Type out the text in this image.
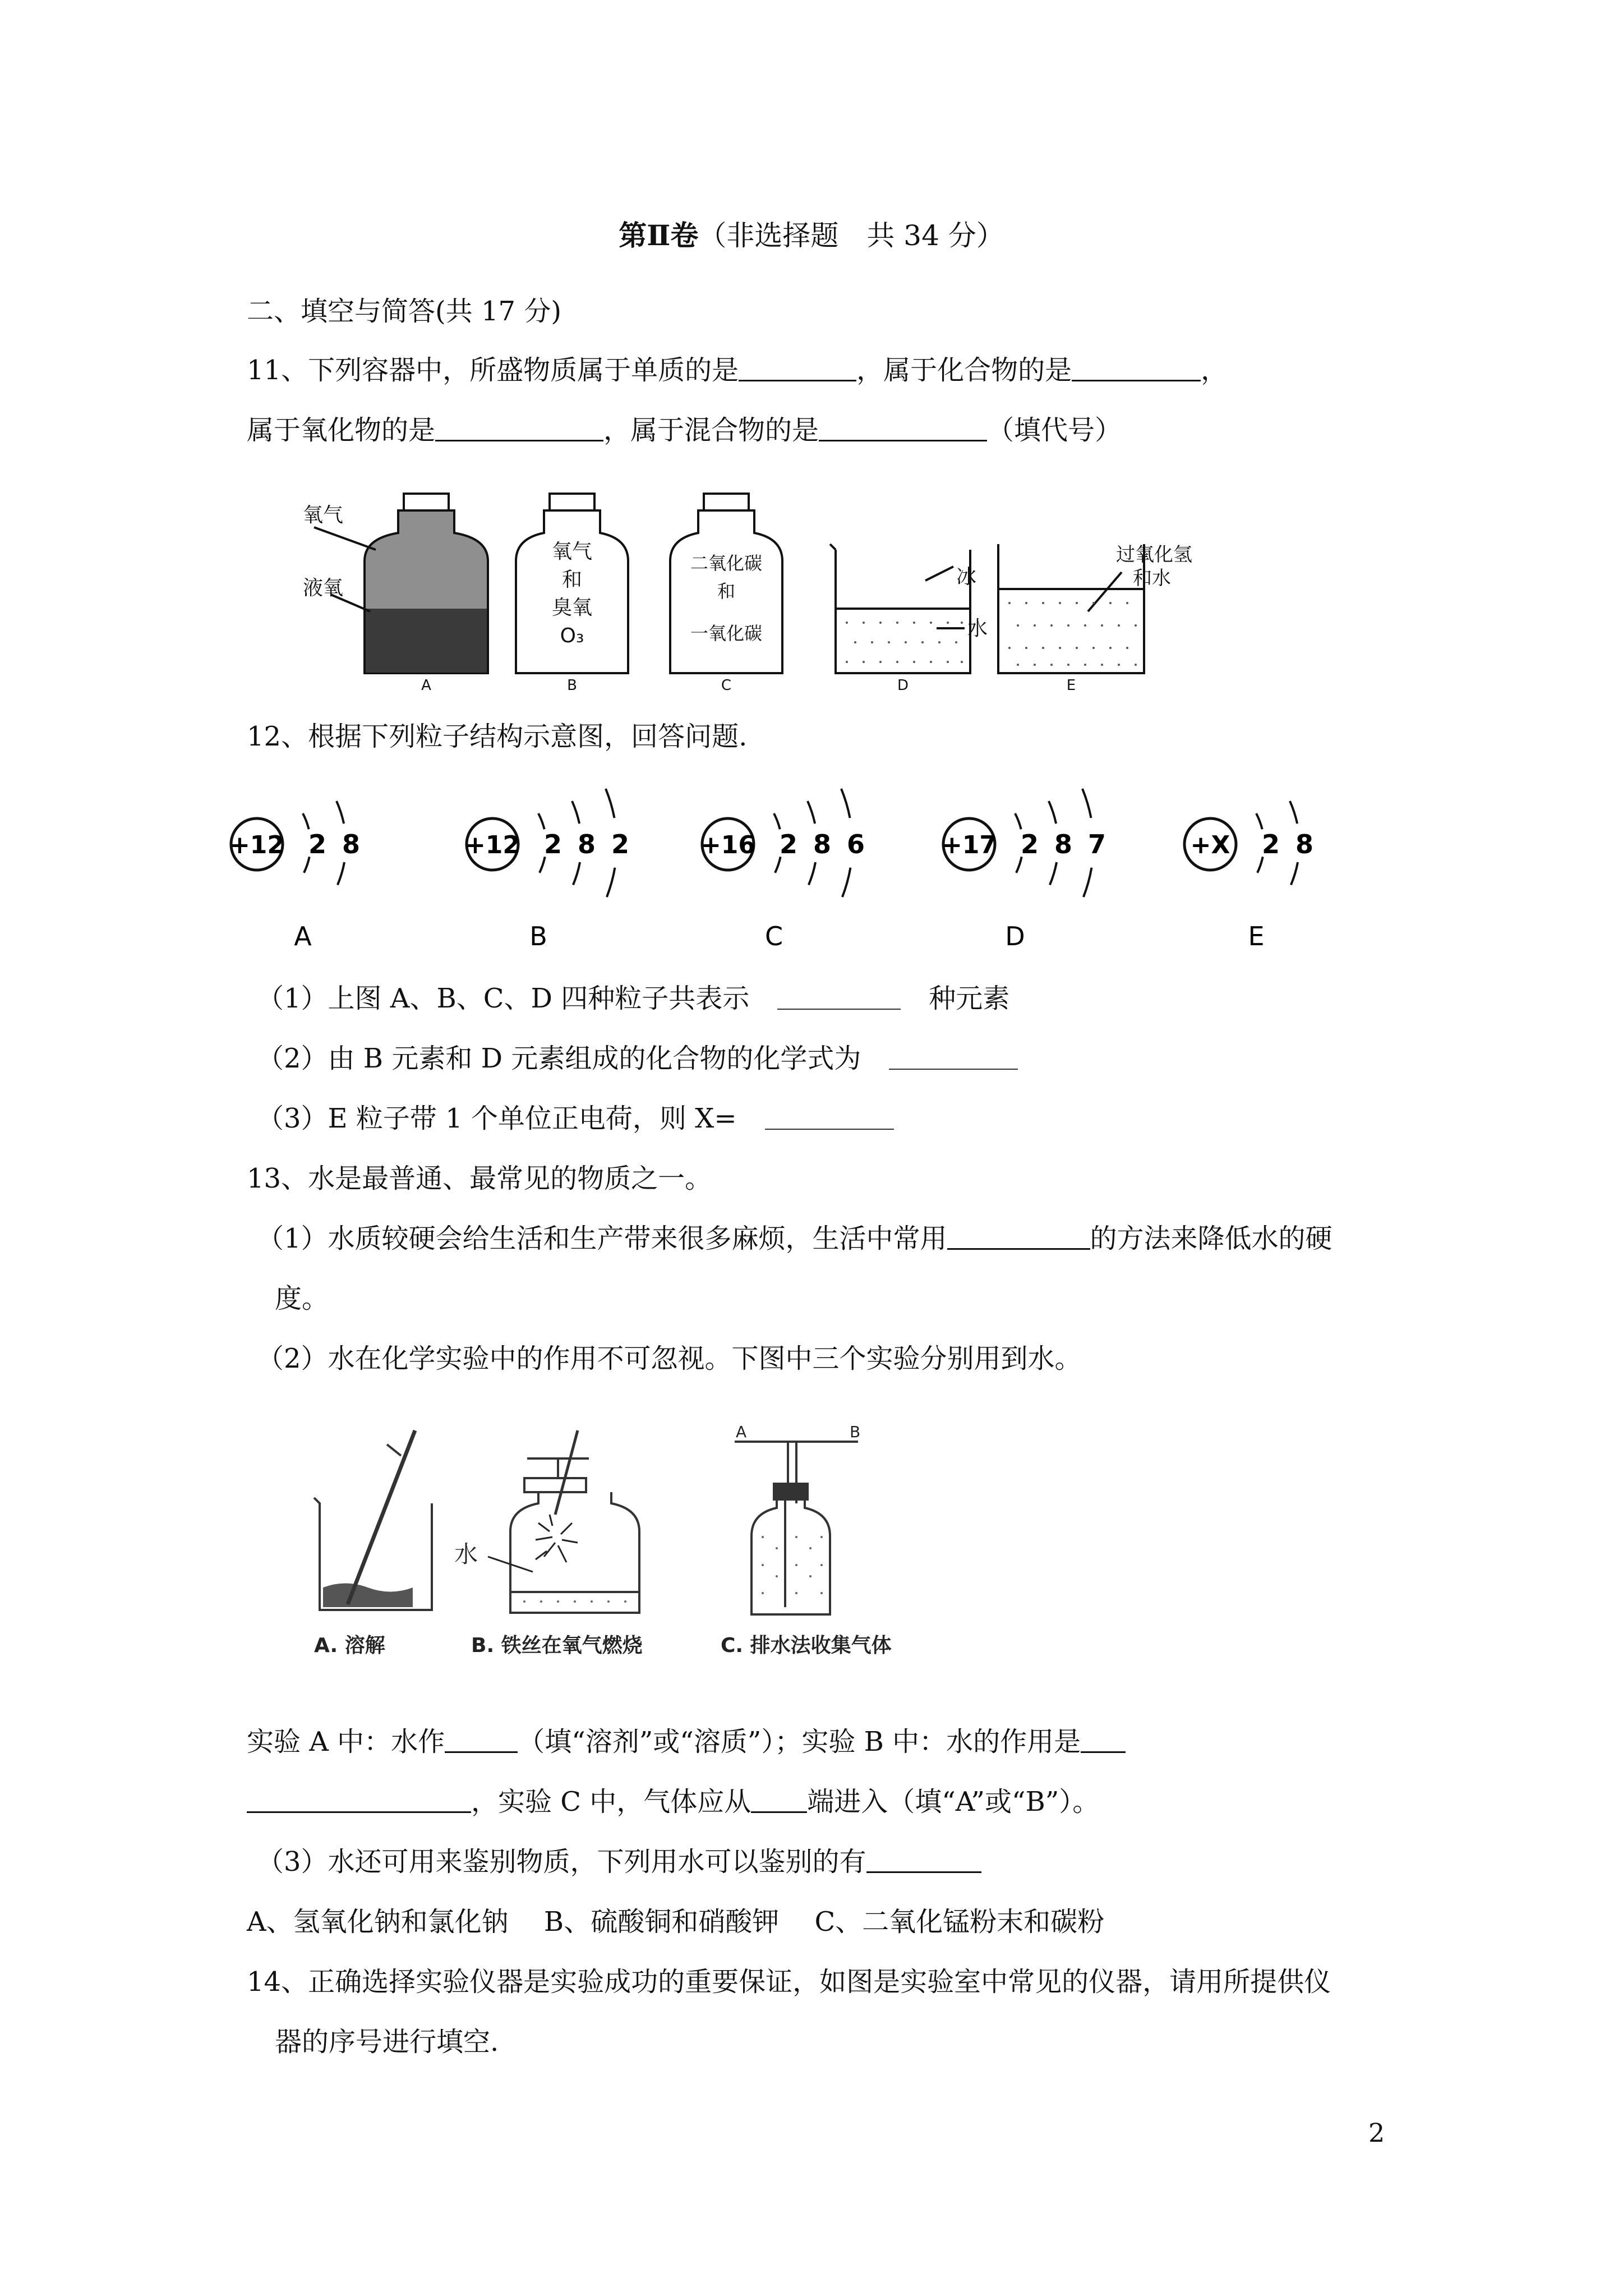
第Ⅱ卷（非选择题　共 34 分）
二、填空与简答(共 17 分)
11、下列容器中，所盛物质属于单质的是	，属于化合物的是	，
属于氧化物的是	，属于混合物的是	（填代号）
氧气
液氧
氧气
和
臭氧
O₃
二氧化碳
和
一氧化碳
冰
水
过氧化氢
和水
A	B	C	D	E
12、根据下列粒子结构示意图，回答问题.
+12 2 8
A
+12 2 8 2
B
+16 2 8 6
C
+17 2 8 7
D
+X 2 8
E
（1）上图 A、B、C、D 四种粒子共表示	种元素
（2）由 B 元素和 D 元素组成的化合物的化学式为
（3）E 粒子带 1 个单位正电荷，则 X=
13、水是最普通、最常见的物质之一。
（1）水质较硬会给生活和生产带来很多麻烦，生活中常用	的方法来降低水的硬
度。
（2）水在化学实验中的作用不可忽视。下图中三个实验分别用到水。
水
A	B
A. 溶解	B. 铁丝在氧气燃烧	C. 排水法收集气体
实验 A 中：水作	（填“溶剂”或“溶质”）；实验 B 中：水的作用是
，实验 C 中，气体应从 端进入（填“A”或“B”）。
（3）水还可用来鉴别物质，下列用水可以鉴别的有
A、氢氧化钠和氯化钠　 B、硫酸铜和硝酸钾　 C、二氧化锰粉末和碳粉
14、正确选择实验仪器是实验成功的重要保证，如图是实验室中常见的仪器，请用所提供仪
器的序号进行填空.
2
